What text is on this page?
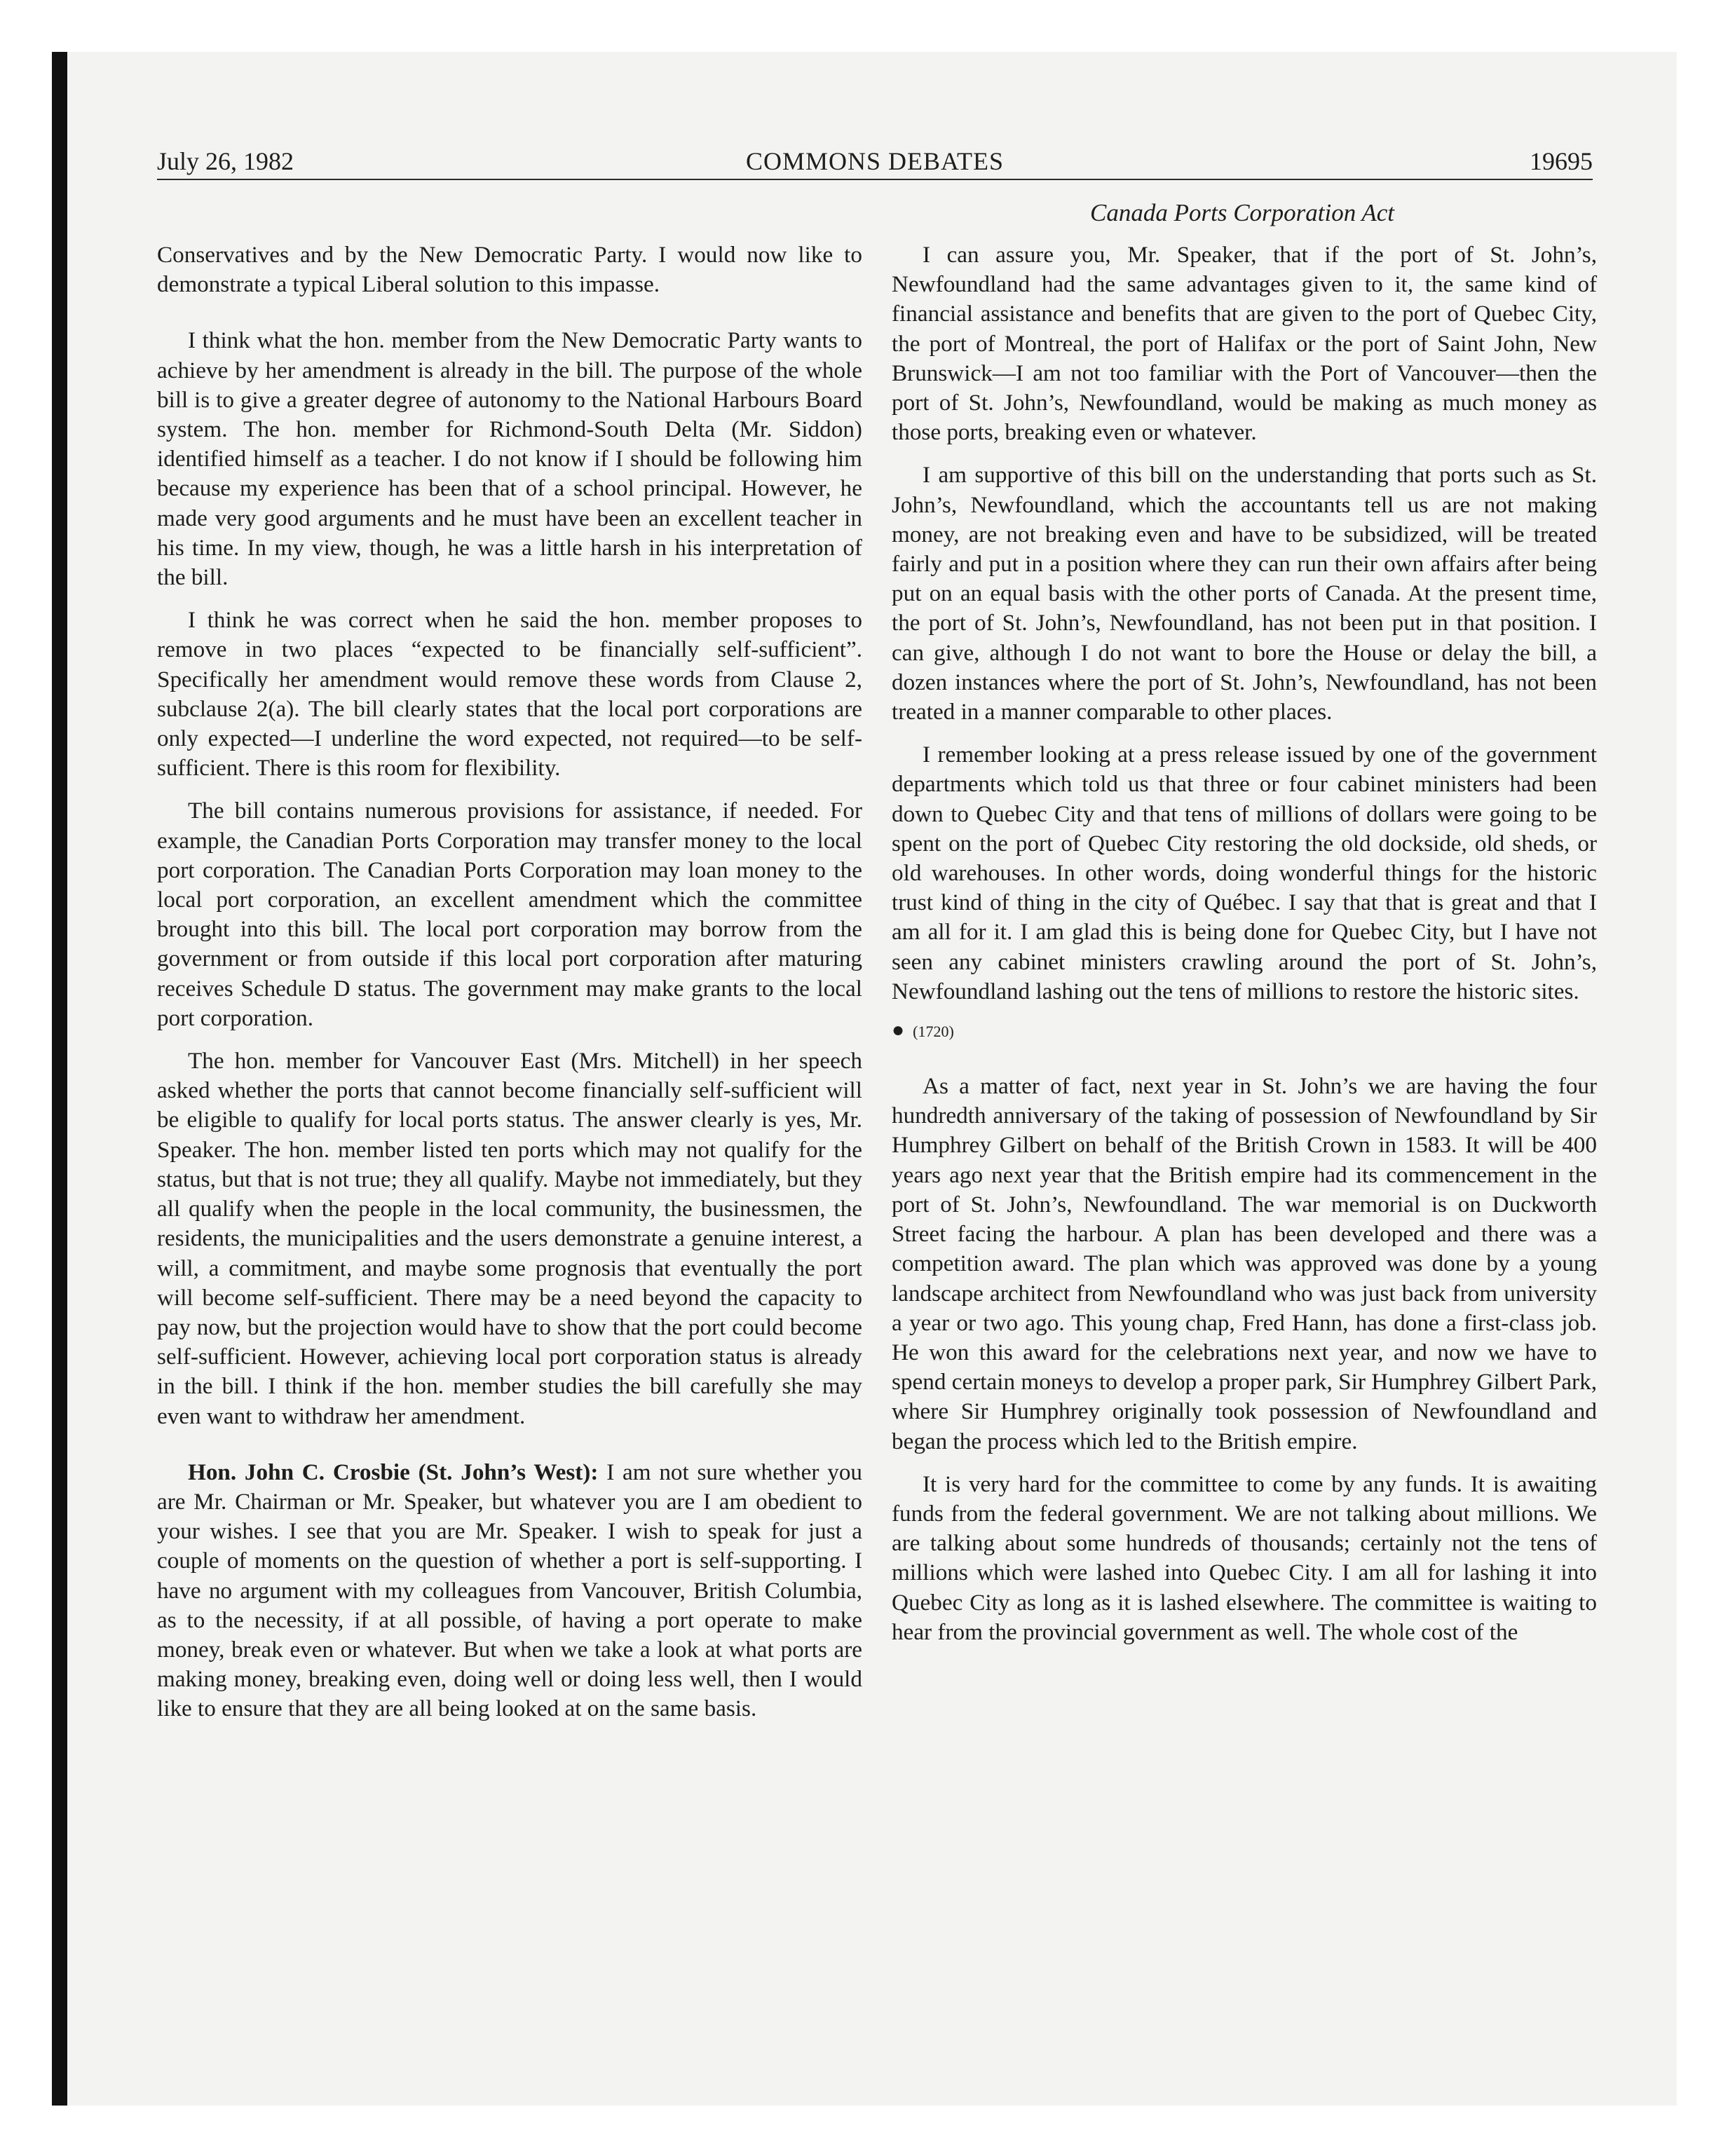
July 26, 1982	COMMONS DEBATES	19695
Canada Ports Corporation Act

Conservatives and by the New Democratic Party. I would now like to demonstrate a typical Liberal solution to this impasse.

I think what the hon. member from the New Democratic Party wants to achieve by her amendment is already in the bill. The purpose of the whole bill is to give a greater degree of autonomy to the National Harbours Board system. The hon. member for Richmond-South Delta (Mr. Siddon) identified himself as a teacher. I do not know if I should be following him because my experience has been that of a school principal. However, he made very good arguments and he must have been an excellent teacher in his time. In my view, though, he was a little harsh in his interpretation of the bill.

I think he was correct when he said the hon. member proposes to remove in two places “expected to be financially self-sufficient”. Specifically her amendment would remove these words from Clause 2, subclause 2(a). The bill clearly states that the local port corporations are only expected—I underline the word expected, not required—to be self-sufficient. There is this room for flexibility.

The bill contains numerous provisions for assistance, if needed. For example, the Canadian Ports Corporation may transfer money to the local port corporation. The Canadian Ports Corporation may loan money to the local port corporation, an excellent amendment which the committee brought into this bill. The local port corporation may borrow from the government or from outside if this local port corporation after maturing receives Schedule D status. The government may make grants to the local port corporation.

The hon. member for Vancouver East (Mrs. Mitchell) in her speech asked whether the ports that cannot become financially self-sufficient will be eligible to qualify for local ports status. The answer clearly is yes, Mr. Speaker. The hon. member listed ten ports which may not qualify for the status, but that is not true; they all qualify. Maybe not immediately, but they all qualify when the people in the local community, the businessmen, the residents, the municipalities and the users demonstrate a genuine interest, a will, a commitment, and maybe some prognosis that eventually the port will become self-sufficient. There may be a need beyond the capacity to pay now, but the projection would have to show that the port could become self-sufficient. However, achieving local port corporation status is already in the bill. I think if the hon. member studies the bill carefully she may even want to withdraw her amendment.

Hon. John C. Crosbie (St. John’s West): I am not sure whether you are Mr. Chairman or Mr. Speaker, but whatever you are I am obedient to your wishes. I see that you are Mr. Speaker. I wish to speak for just a couple of moments on the question of whether a port is self-supporting. I have no argument with my colleagues from Vancouver, British Columbia, as to the necessity, if at all possible, of having a port operate to make money, break even or whatever. But when we take a look at what ports are making money, breaking even, doing well or doing less well, then I would like to ensure that they are all being looked at on the same basis.

I can assure you, Mr. Speaker, that if the port of St. John’s, Newfoundland had the same advantages given to it, the same kind of financial assistance and benefits that are given to the port of Quebec City, the port of Montreal, the port of Halifax or the port of Saint John, New Brunswick—I am not too familiar with the Port of Vancouver—then the port of St. John’s, Newfoundland, would be making as much money as those ports, breaking even or whatever.

I am supportive of this bill on the understanding that ports such as St. John’s, Newfoundland, which the accountants tell us are not making money, are not breaking even and have to be subsidized, will be treated fairly and put in a position where they can run their own affairs after being put on an equal basis with the other ports of Canada. At the present time, the port of St. John’s, Newfoundland, has not been put in that position. I can give, although I do not want to bore the House or delay the bill, a dozen instances where the port of St. John’s, Newfoundland, has not been treated in a manner comparable to other places.

I remember looking at a press release issued by one of the government departments which told us that three or four cabinet ministers had been down to Quebec City and that tens of millions of dollars were going to be spent on the port of Quebec City restoring the old dockside, old sheds, or old warehouses. In other words, doing wonderful things for the historic trust kind of thing in the city of Québec. I say that that is great and that I am all for it. I am glad this is being done for Quebec City, but I have not seen any cabinet ministers crawling around the port of St. John’s, Newfoundland lashing out the tens of millions to restore the historic sites.

● (1720)

As a matter of fact, next year in St. John’s we are having the four hundredth anniversary of the taking of possession of Newfoundland by Sir Humphrey Gilbert on behalf of the British Crown in 1583. It will be 400 years ago next year that the British empire had its commencement in the port of St. John’s, Newfoundland. The war memorial is on Duckworth Street facing the harbour. A plan has been developed and there was a competition award. The plan which was approved was done by a young landscape architect from Newfoundland who was just back from university a year or two ago. This young chap, Fred Hann, has done a first-class job. He won this award for the celebrations next year, and now we have to spend certain moneys to develop a proper park, Sir Humphrey Gilbert Park, where Sir Humphrey originally took possession of Newfoundland and began the process which led to the British empire.

It is very hard for the committee to come by any funds. It is awaiting funds from the federal government. We are not talking about millions. We are talking about some hundreds of thousands; certainly not the tens of millions which were lashed into Quebec City. I am all for lashing it into Quebec City as long as it is lashed elsewhere. The committee is waiting to hear from the provincial government as well. The whole cost of the
